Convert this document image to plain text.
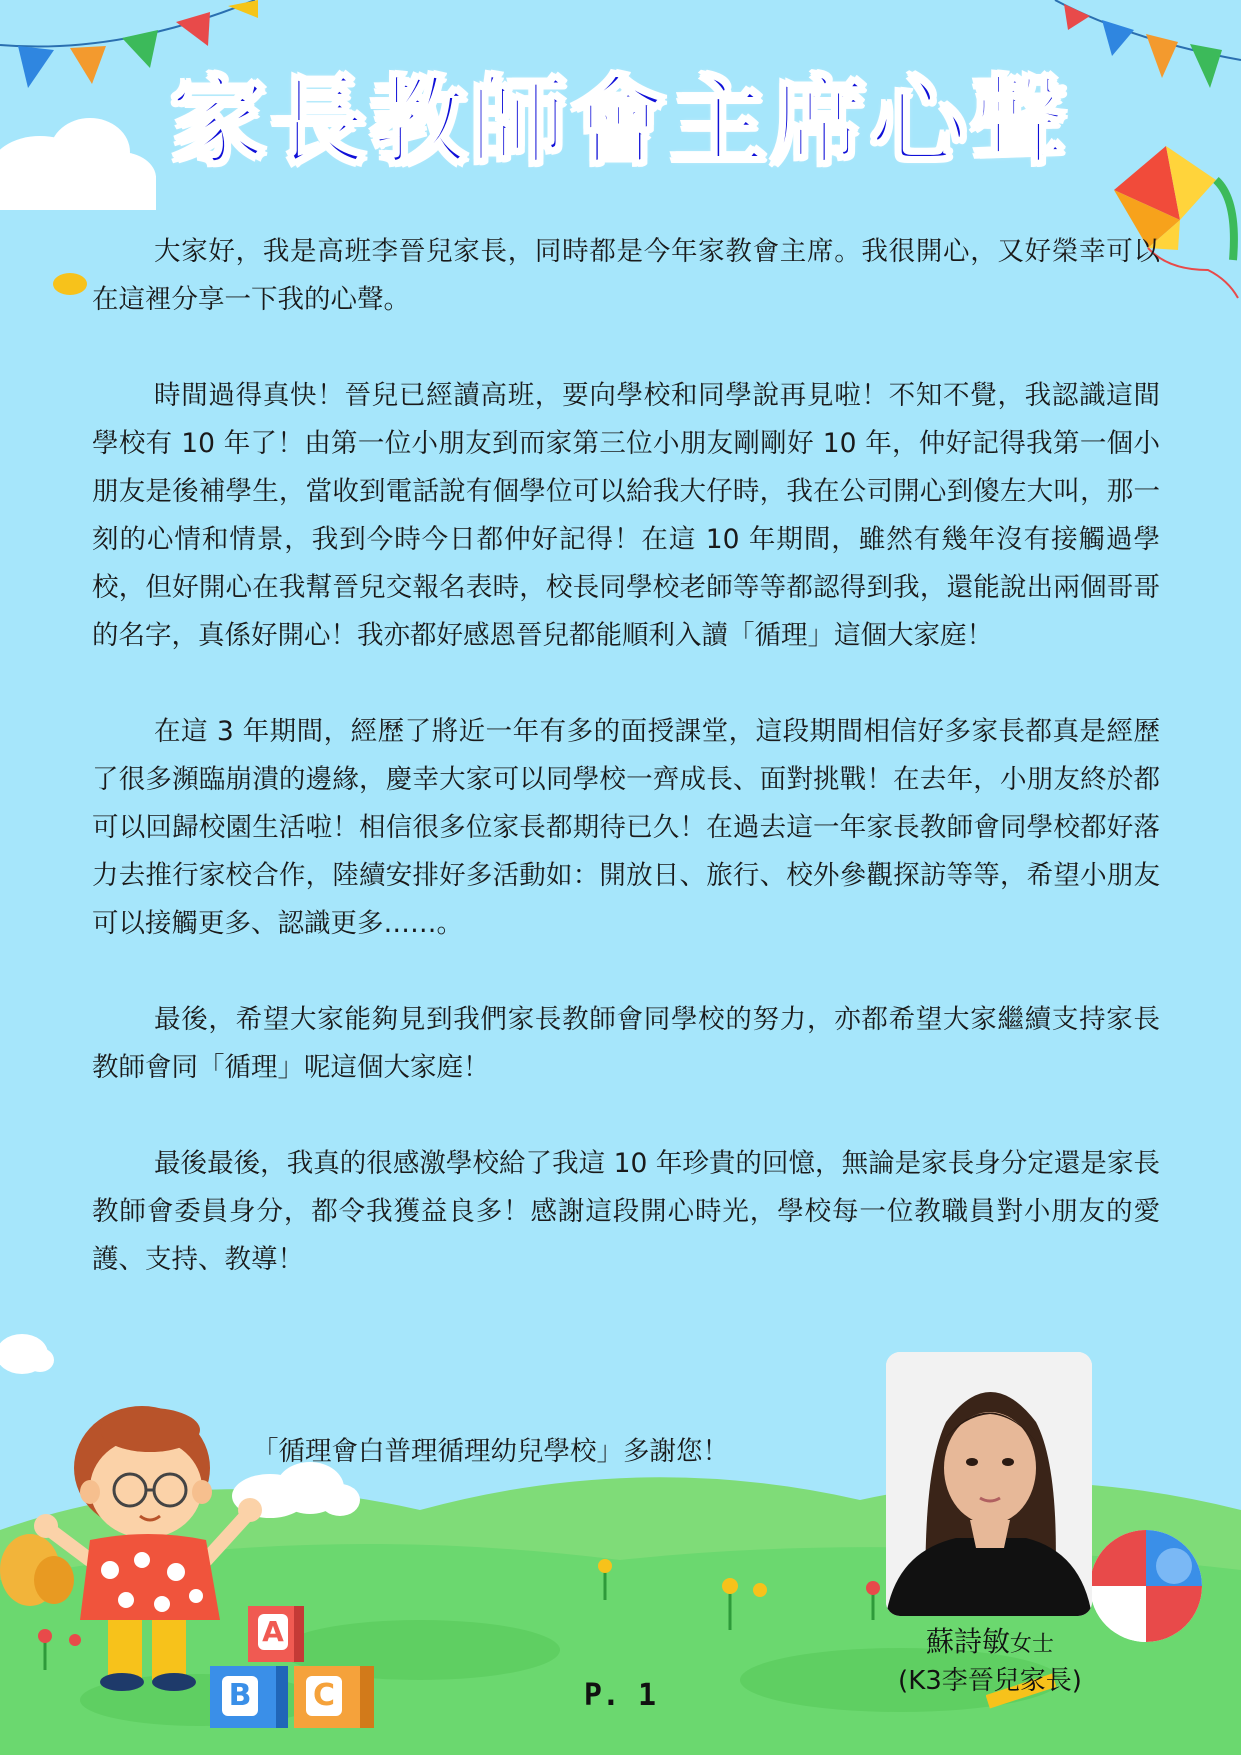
家長教師會主席心聲

大家好，我是高班李晉兒家長，同時都是今年家教會主席。我很開心，又好榮幸可以在這裡分享一下我的心聲。

時間過得真快！晉兒已經讀高班，要向學校和同學說再見啦！不知不覺，我認識這間學校有 10 年了！由第一位小朋友到而家第三位小朋友剛剛好 10 年，仲好記得我第一個小朋友是後補學生，當收到電話說有個學位可以給我大仔時，我在公司開心到傻左大叫，那一刻的心情和情景，我到今時今日都仲好記得！在這 10 年期間，雖然有幾年沒有接觸過學校，但好開心在我幫晉兒交報名表時，校長同學校老師等等都認得到我，還能說出兩個哥哥的名字，真係好開心！我亦都好感恩晉兒都能順利入讀「循理」這個大家庭！

在這 3 年期間，經歷了將近一年有多的面授課堂，這段期間相信好多家長都真是經歷了很多瀕臨崩潰的邊緣，慶幸大家可以同學校一齊成長、面對挑戰！在去年，小朋友終於都可以回歸校園生活啦！相信很多位家長都期待已久！在過去這一年家長教師會同學校都好落力去推行家校合作，陸續安排好多活動如：開放日、旅行、校外參觀探訪等等，希望小朋友可以接觸更多、認識更多……。

最後，希望大家能夠見到我們家長教師會同學校的努力，亦都希望大家繼續支持家長教師會同「循理」呢這個大家庭！

最後最後，我真的很感激學校給了我這 10 年珍貴的回憶，無論是家長身分定還是家長教師會委員身分，都令我獲益良多！感謝這段開心時光，學校每一位教職員對小朋友的愛護、支持、教導！

A
B C
「循理會白普理循理幼兒學校」多謝您！
蘇詩敏女士
(K3李晉兒家長)
P. 1
